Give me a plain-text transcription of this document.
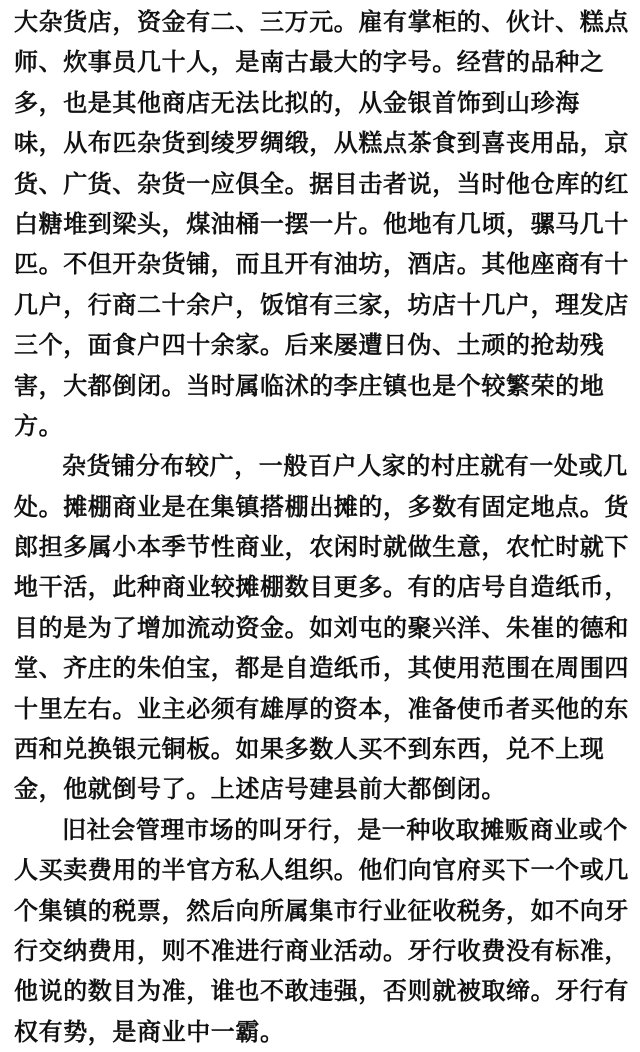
大杂货店，资金有二、三万元。雇有掌柜的、伙计、糕点
师、炊事员几十人，是南古最大的字号。经营的品种之
多，也是其他商店无法比拟的，从金银首饰到山珍海
味，从布匹杂货到绫罗绸缎，从糕点茶食到喜丧用品，京
货、广货、杂货一应俱全。据目击者说，当时他仓库的红
白糖堆到梁头，煤油桶一摆一片。他地有几顷，骡马几十
匹。不但开杂货铺，而且开有油坊，酒店。其他座商有十
几户，行商二十余户，饭馆有三家，坊店十几户，理发店
三个，面食户四十余家。后来屡遭日伪、土顽的抢劫残
害，大都倒闭。当时属临沭的李庄镇也是个较繁荣的地
方。
杂货铺分布较广，一般百户人家的村庄就有一处或几
处。摊棚商业是在集镇搭棚出摊的，多数有固定地点。货
郎担多属小本季节性商业，农闲时就做生意，农忙时就下
地干活，此种商业较摊棚数目更多。有的店号自造纸币，
目的是为了增加流动资金。如刘屯的聚兴洋、朱崔的德和
堂、齐庄的朱伯宝，都是自造纸币，其使用范围在周围四
十里左右。业主必须有雄厚的资本，准备使币者买他的东
西和兑换银元铜板。如果多数人买不到东西，兑不上现
金，他就倒号了。上述店号建县前大都倒闭。
旧社会管理市场的叫牙行，是一种收取摊贩商业或个
人买卖费用的半官方私人组织。他们向官府买下一个或几
个集镇的税票，然后向所属集市行业征收税务，如不向牙
行交纳费用，则不准进行商业活动。牙行收费没有标准，
他说的数目为准，谁也不敢违强，否则就被取缔。牙行有
权有势，是商业中一霸。
